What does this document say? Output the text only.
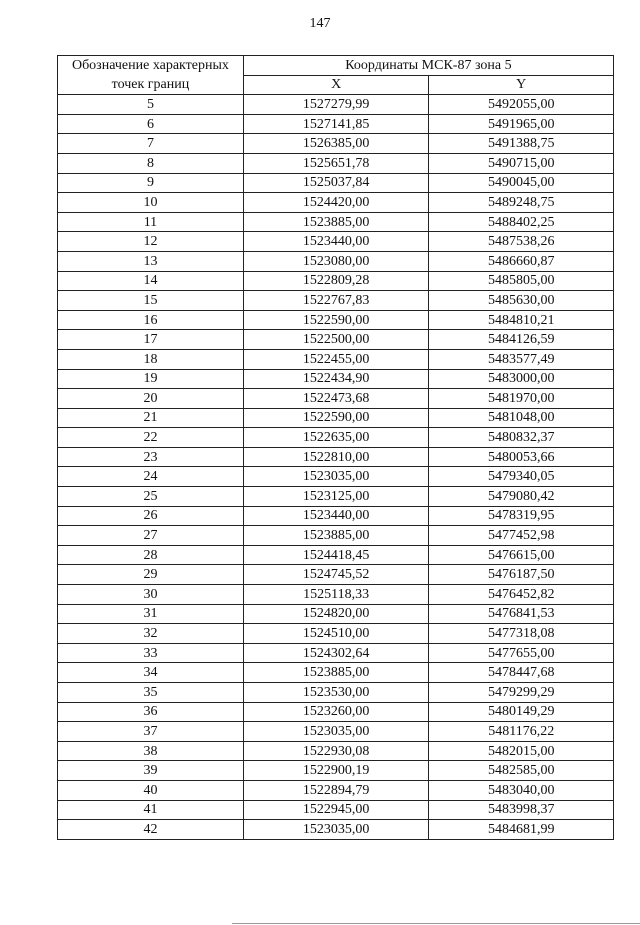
147
Обозначение характерных
точек границ	Координаты МСК-87 зона 5	
	X	Y
5	1527279,99	5492055,00
6	1527141,85	5491965,00
7	1526385,00	5491388,75
8	1525651,78	5490715,00
9	1525037,84	5490045,00
10	1524420,00	5489248,75
11	1523885,00	5488402,25
12	1523440,00	5487538,26
13	1523080,00	5486660,87
14	1522809,28	5485805,00
15	1522767,83	5485630,00
16	1522590,00	5484810,21
17	1522500,00	5484126,59
18	1522455,00	5483577,49
19	1522434,90	5483000,00
20	1522473,68	5481970,00
21	1522590,00	5481048,00
22	1522635,00	5480832,37
23	1522810,00	5480053,66
24	1523035,00	5479340,05
25	1523125,00	5479080,42
26	1523440,00	5478319,95
27	1523885,00	5477452,98
28	1524418,45	5476615,00
29	1524745,52	5476187,50
30	1525118,33	5476452,82
31	1524820,00	5476841,53
32	1524510,00	5477318,08
33	1524302,64	5477655,00
34	1523885,00	5478447,68
35	1523530,00	5479299,29
36	1523260,00	5480149,29
37	1523035,00	5481176,22
38	1522930,08	5482015,00
39	1522900,19	5482585,00
40	1522894,79	5483040,00
41	1522945,00	5483998,37
42	1523035,00	5484681,99
